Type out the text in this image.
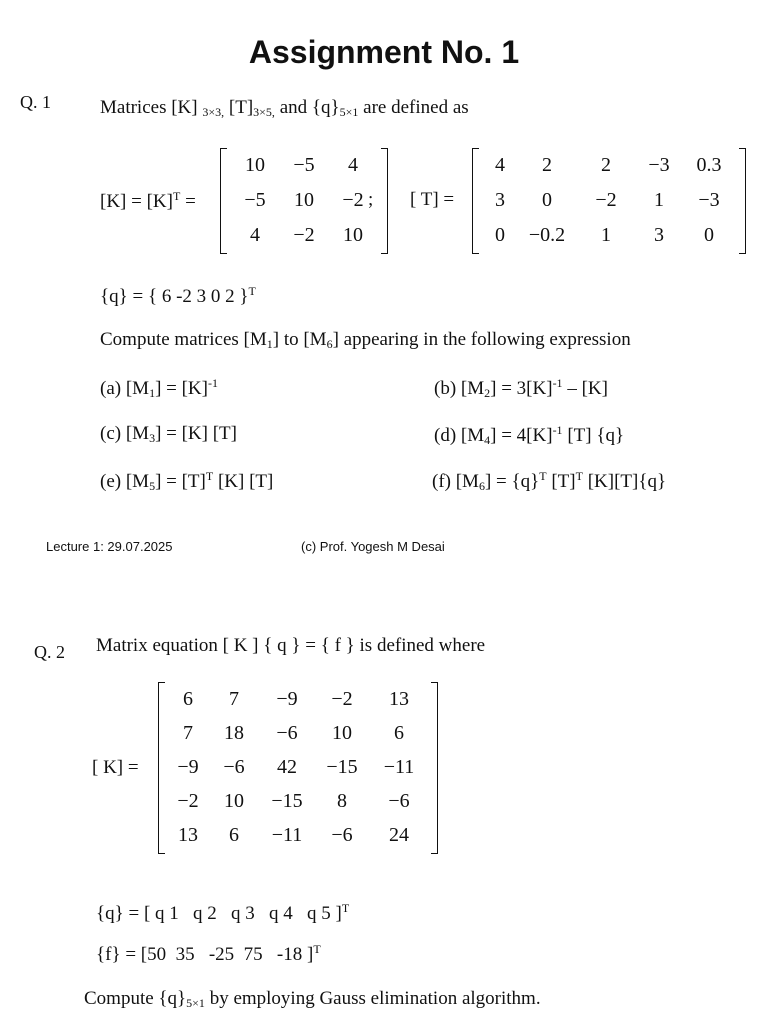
Assignment No. 1
Q. 1	Matrices [K] $_{3\times 3,}$ $[T]_{3\times 5,}$ and $\{q\}_{5\times 1}$ are defined as
$[K] = [K]^T$ =
10	−5	4
−5	10	−2
4	−2	10
; [ T] =
4	2	2	−3	0.3
3	0	−2	1	−3
0	−0.2	1	3	0
{q} = { 6 -2 3 0 2 }$^T$
Compute matrices $[M_1]$ to $[M_6]$ appearing in the following expression
(a) $[M_1] = [K]^{-1}$	(b) $[M_2] = 3[K]^{-1} - [K]$
(c) $[M_3] = [K]$ [T]	(d) $[M_4] = 4[K]^{-1}$ [T] {q}
(e) $[M_5] = [T]^T$ [K] [T]	(f) $[M_6] = \{q\}^T$ $[T]^T$ [K][T]{q}
Lecture 1: 29.07.2025	(c) Prof. Yogesh M Desai
Q. 2 Matrix equation [ K ] { q } = { f } is defined where
[ K] =
6	7	−9	−2	13
7	18	−6	10	6
−9	−6	42	−15	−11
−2	10	−15	8	−6
13	6	−11	−6	24
{q} = [ q 1   q 2   q 3   q 4   q 5 ]$^T$
{f} = [50  35   -25  75   -18 ]$^T$
Compute $\{q\}_{5\times 1}$ by employing Gauss elimination algorithm.
